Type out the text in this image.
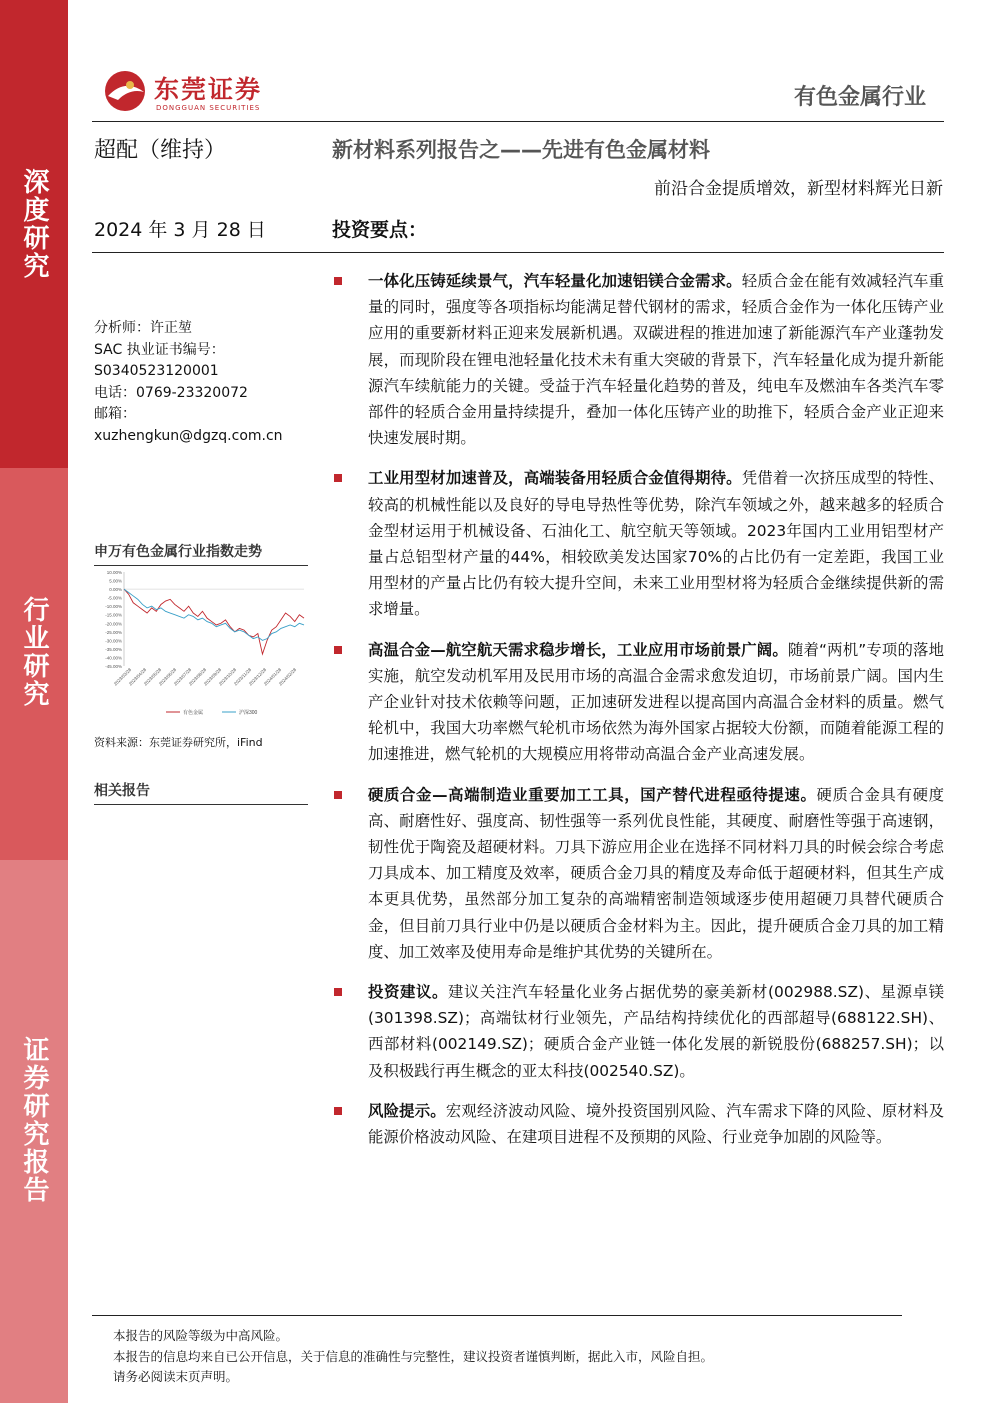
深度研究
行业研究
证券研究报告
东莞证券
DONGGUAN SECURITIES	有色金属行业
超配（维持）	新材料系列报告之——先进有色金属材料
前沿合金提质增效，新型材料辉光日新
2024 年 3 月 28 日	投资要点：
分析师：许正堃
SAC 执业证书编号：
S0340523120001
电话：0769-23320072
邮箱：
xuzhengkun@dgzq.com.cn
申万有色金属行业指数走势
10.00%
5.00%
0.00%
-5.00%
-10.00%
-15.00%
-20.00%
-25.00%
-30.00%
-35.00%
-40.00%
-45.00%
2023/03/28
2023/04/28
2023/05/28
2023/06/28
2023/07/28
2023/08/28
2023/09/28
2023/10/28
2023/11/28
2023/12/28
2024/01/28
2024/02/28
有色金属	沪深300
资料来源：东莞证券研究所，iFind
相关报告
一体化压铸延续景气，汽车轻量化加速铝镁合金需求。轻质合金在能有效减轻汽车重量的同时，强度等各项指标均能满足替代钢材的需求，轻质合金作为一体化压铸产业应用的重要新材料正迎来发展新机遇。双碳进程的推进加速了新能源汽车产业蓬勃发展，而现阶段在锂电池轻量化技术未有重大突破的背景下，汽车轻量化成为提升新能源汽车续航能力的关键。受益于汽车轻量化趋势的普及，纯电车及燃油车各类汽车零部件的轻质合金用量持续提升，叠加一体化压铸产业的助推下，轻质合金产业正迎来快速发展时期。
工业用型材加速普及，高端装备用轻质合金值得期待。凭借着一次挤压成型的特性、较高的机械性能以及良好的导电导热性等优势，除汽车领域之外，越来越多的轻质合金型材运用于机械设备、石油化工、航空航天等领域。2023年国内工业用铝型材产量占总铝型材产量的44%，相较欧美发达国家70%的占比仍有一定差距，我国工业用型材的产量占比仍有较大提升空间，未来工业用型材将为轻质合金继续提供新的需求增量。
高温合金—航空航天需求稳步增长，工业应用市场前景广阔。随着“两机”专项的落地实施，航空发动机军用及民用市场的高温合金需求愈发迫切，市场前景广阔。国内生产企业针对技术依赖等问题，正加速研发进程以提高国内高温合金材料的质量。燃气轮机中，我国大功率燃气轮机市场依然为海外国家占据较大份额，而随着能源工程的加速推进，燃气轮机的大规模应用将带动高温合金产业高速发展。
硬质合金—高端制造业重要加工工具，国产替代进程亟待提速。硬质合金具有硬度高、耐磨性好、强度高、韧性强等一系列优良性能，其硬度、耐磨性等强于高速钢，韧性优于陶瓷及超硬材料。刀具下游应用企业在选择不同材料刀具的时候会综合考虑刀具成本、加工精度及效率，硬质合金刀具的精度及寿命低于超硬材料，但其生产成本更具优势，虽然部分加工复杂的高端精密制造领域逐步使用超硬刀具替代硬质合金，但目前刀具行业中仍是以硬质合金材料为主。因此，提升硬质合金刀具的加工精度、加工效率及使用寿命是维护其优势的关键所在。
投资建议。建议关注汽车轻量化业务占据优势的豪美新材(002988.SZ)、星源卓镁 (301398.SZ)；高端钛材行业领先，产品结构持续优化的西部超导(688122.SH)、西部材料(002149.SZ)；硬质合金产业链一体化发展的新锐股份(688257.SH)；以及积极践行再生概念的亚太科技(002540.SZ)。
风险提示。宏观经济波动风险、境外投资国别风险、汽车需求下降的风险、原材料及能源价格波动风险、在建项目进程不及预期的风险、行业竞争加剧的风险等。
本报告的风险等级为中高风险。
本报告的信息均来自已公开信息，关于信息的准确性与完整性，建议投资者谨慎判断，据此入市，风险自担。
请务必阅读末页声明。
